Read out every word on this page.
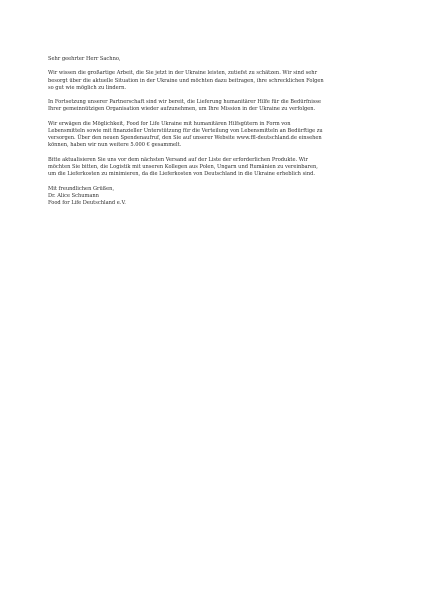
Sehr geehrter Herr Sachno,

Wir wissen die großartige Arbeit, die Sie jetzt in der Ukraine leisten, zutiefst zu schätzen. Wir sind sehr
besorgt über die aktuelle Situation in der Ukraine und möchten dazu beitragen, ihre schrecklichen Folgen
so gut wie möglich zu lindern.

In Fortsetzung unserer Partnerschaft sind wir bereit, die Lieferung humanitärer Hilfe für die Bedürfnisse
Ihrer gemeinnützigen Organisation wieder aufzunehmen, um Ihre Mission in der Ukraine zu verfolgen.

Wir erwägen die Möglichkeit, Food for Life Ukraine mit humanitären Hilfsgütern in Form von
Lebensmitteln sowie mit finanzieller Unterstützung für die Verteilung von Lebensmitteln an Bedürftige zu
versorgen. Über den neuen Spendenaufruf, den Sie auf unserer Website www.ffl-deutschland.de einsehen
können, haben wir nun weitere 5.000 € gesammelt.

Bitte aktualisieren Sie uns vor dem nächsten Versand auf der Liste der erforderlichen Produkte. Wir
möchten Sie bitten, die Logistik mit unseren Kollegen aus Polen, Ungarn und Rumänien zu vereinbaren,
um die Lieferkosten zu minimieren, da die Lieferkosten von Deutschland in die Ukraine erheblich sind.

Mit freundlichen Grüßen,
Dr. Alice Schumann
Food for Life Deutschland e.V.
